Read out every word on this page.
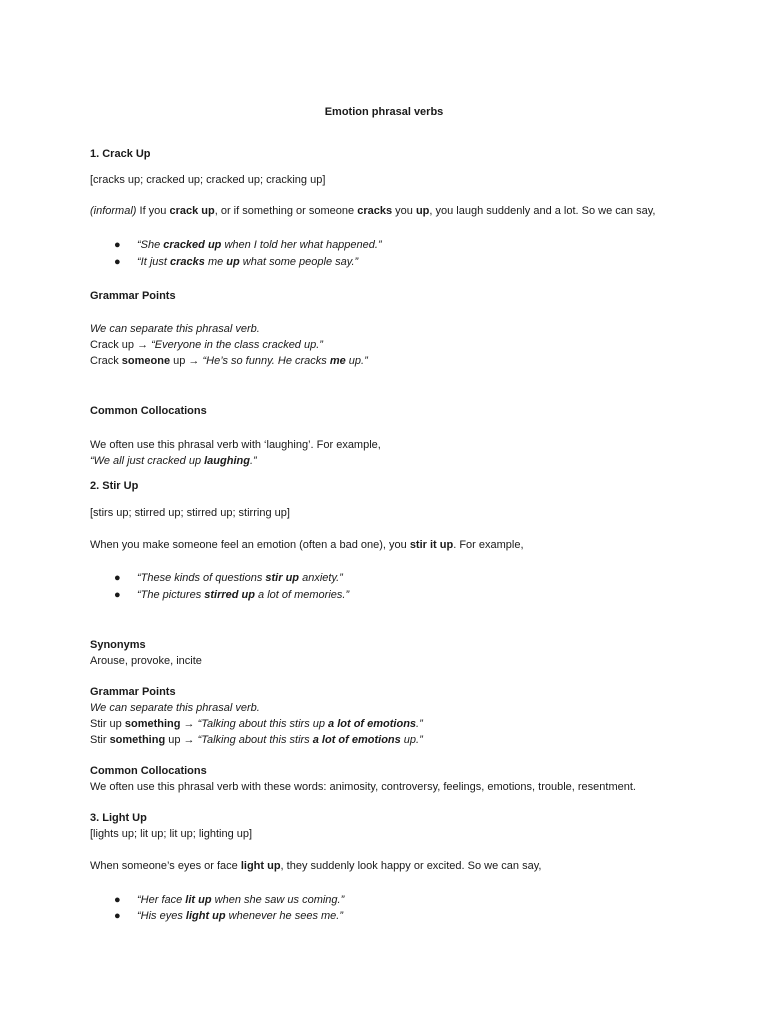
Emotion phrasal verbs
1. Crack Up
[cracks up; cracked up; cracked up; cracking up]
(informal) If you crack up, or if something or someone cracks you up, you laugh suddenly and a lot. So we can say,
● “She cracked up when I told her what happened.”
● “It just cracks me up what some people say.”
Grammar Points
We can separate this phrasal verb.
Crack up → “Everyone in the class cracked up.”
Crack someone up → “He’s so funny. He cracks me up.”
Common Collocations
We often use this phrasal verb with ‘laughing’. For example,
“We all just cracked up laughing.”
2. Stir Up
[stirs up; stirred up; stirred up; stirring up]
When you make someone feel an emotion (often a bad one), you stir it up. For example,
● “These kinds of questions stir up anxiety.”
● “The pictures stirred up a lot of memories.”
Synonyms
Arouse, provoke, incite
Grammar Points
We can separate this phrasal verb.
Stir up something → “Talking about this stirs up a lot of emotions.”
Stir something up → “Talking about this stirs a lot of emotions up.”
Common Collocations
We often use this phrasal verb with these words: animosity, controversy, feelings, emotions, trouble, resentment.
3. Light Up
[lights up; lit up; lit up; lighting up]
When someone’s eyes or face light up, they suddenly look happy or excited. So we can say,
● “Her face lit up when she saw us coming.”
● “His eyes light up whenever he sees me.”
